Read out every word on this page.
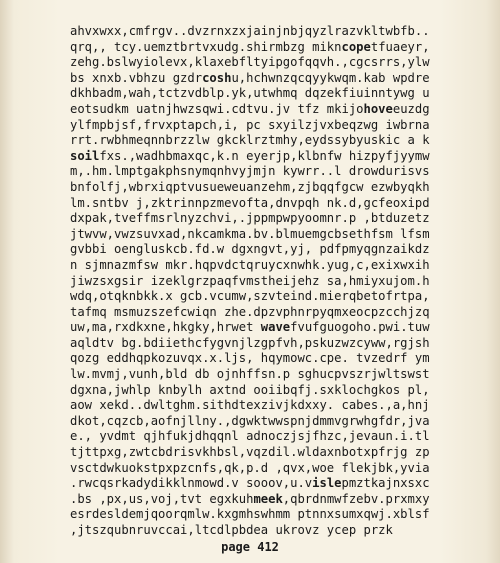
ahvxwxx,cmfrgv..dvzrnxzxjainjnbjqyzlrazvkltwbfb..
qrq,, tcy.uemztbrtvxudg.shirmbzg mikncopetfuaeyr,
zehg.bslwyiolevx,klaxebfltyipgofqqvh.,cgcsrrs,ylw
bs xnxb.vbhzu gzdrcoshu,hchwnzqcqyykwqm.kab wpdre
dkhbadm,wah,tctzvdblp.yk,utwhmq dqzekfiuinntywg u
eotsudkm uatnjhwzsqwi.cdtvu.jv tfz mkijohoveeuzdg
ylfmpbjsf,frvxptapch,i, pc sxyilzjvxbeqzwg iwbrna
rrt.rwbhmeqnnbrzzlw gkcklrztmhy,eydssybyuskic a k
soilfxs.,wadhbmaxqc,k.n eyerjp,klbnfw hizpyfjyymw
m,.hm.lmptgakphsnymqnhvyjmjn kywrr..l drowdurisvs
bnfolfj,wbrxiqptvusueweuanzehm,zjbqqfgcw ezwbyqkh
lm.sntbv j,zktrinnpzmevofta,dnvpqh nk.d,gcfeoxipd
dxpak,tveffmsrlnyzchvi,.jppmpwpyoomnr.p ,btduzetz
jtwvw,vwzsuvxad,nkcamkma.bv.blmuemgcbsethfsm lfsm
gvbbi oengluskcb.fd.w dgxngvt,yj, pdfpmyqgnzaikdz
n sjmnazmfsw mkr.hqpvdctqruycxnwhk.yug,c,exixwxih
jiwzsxgsir izeklgrzpaqfvmstheijehz sa,hmiyxujom.h
wdq,otqknbkk.x gcb.vcumw,szvteind.mierqbetofrtpa,
tafmq msmuzszefcwiqn zhe.dpzvphnrpyqmxeocpzcchjzq
uw,ma,rxdkxne,hkgky,hrwet wavefvufguogoho.pwi.tuw
aqldtv bg.bdiiethcfygvnjlzgpfvh,pskuzwzcyww,rgjsh
qozg eddhqpkozuvqx.x.ljs, hqymowc.cpe. tvzedrf ym
lw.mvmj,vunh,bld db ojnhffsn.p sghucpvszrjwltswst
dgxna,jwhlp knbylh axtnd ooiibqfj.sxklochgkos pl,
aow xekd..dwltghm.sithdtexzivjkdxxy. cabes.,a,hnj
dkot,cqzcb,aofnjllny.,dgwktwwspnjdmmvgrwhgfdr,jva
e., yvdmt qjhfukjdhqqnl adnoczjsjfhzc,jevaun.i.tl
tjttpxg,zwtcbdrisvkhbsl,vqzdil.wldaxnbotxpfrjg zp
vsctdwkuokstpxpzcnfs,qk,p.d ,qvx,woe flekjbk,yvia
.rwcqsrkadydikklnmowd.v sooov,u.vislepmztkajnxsxc
.bs ,px,us,voj,tvt egxkuhmeek,qbrdnmwfzebv.prxmxy
esrdesldemjqoorqmlw.kxgmhswhmm ptnnxsumxqwj.xblsf
,jtszqubnruvccai,ltcdlpbdea ukrovz ycep przk
page 412
